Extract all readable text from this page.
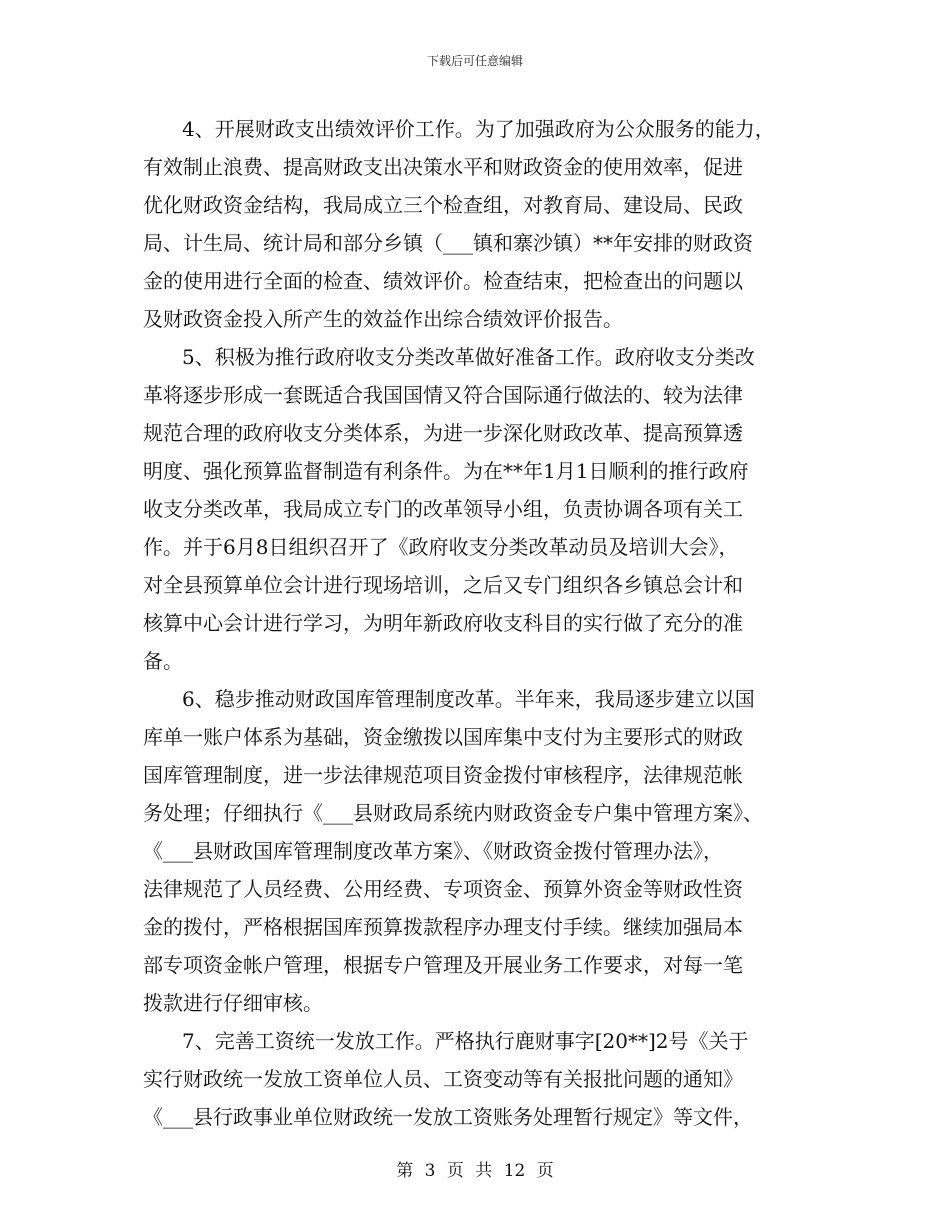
下载后可任意编辑
4、开展财政支出绩效评价工作。为了加强政府为公众服务的能力，
有效制止浪费、提高财政支出决策水平和财政资金的使用效率，促进
优化财政资金结构，我局成立三个检查组，对教育局、建设局、民政
局、计生局、统计局和部分乡镇（___镇和寨沙镇）**年安排的财政资
金的使用进行全面的检查、绩效评价。检查结束，把检查出的问题以
及财政资金投入所产生的效益作出综合绩效评价报告。
5、积极为推行政府收支分类改革做好准备工作。政府收支分类改
革将逐步形成一套既适合我国国情又符合国际通行做法的、较为法律
规范合理的政府收支分类体系，为进一步深化财政改革、提高预算透
明度、强化预算监督制造有利条件。为在**年1月1日顺利的推行政府
收支分类改革，我局成立专门的改革领导小组，负责协调各项有关工
作。并于6月8日组织召开了《政府收支分类改革动员及培训大会》，
对全县预算单位会计进行现场培训，之后又专门组织各乡镇总会计和
核算中心会计进行学习，为明年新政府收支科目的实行做了充分的准
备。
6、稳步推动财政国库管理制度改革。半年来，我局逐步建立以国
库单一账户体系为基础，资金缴拨以国库集中支付为主要形式的财政
国库管理制度，进一步法律规范项目资金拨付审核程序，法律规范帐
务处理；仔细执行《___县财政局系统内财政资金专户集中管理方案》、
《___县财政国库管理制度改革方案》、《财政资金拨付管理办法》，
法律规范了人员经费、公用经费、专项资金、预算外资金等财政性资
金的拨付，严格根据国库预算拨款程序办理支付手续。继续加强局本
部专项资金帐户管理，根据专户管理及开展业务工作要求，对每一笔
拨款进行仔细审核。
7、完善工资统一发放工作。严格执行鹿财事字[20**]2号《关于
实行财政统一发放工资单位人员、工资变动等有关报批问题的通知》
《___县行政事业单位财政统一发放工资账务处理暂行规定》等文件，
第 3 页 共 12 页
